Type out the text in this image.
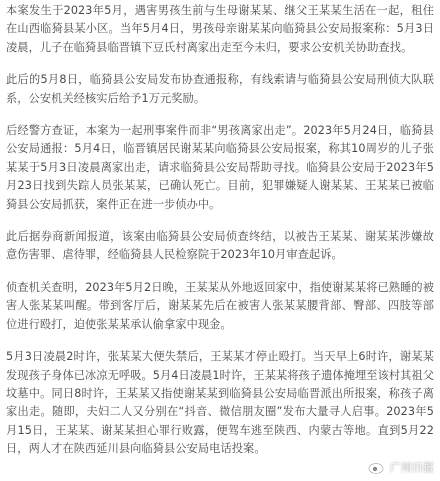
本案发生于2023年5月，遇害男孩生前与生母谢某某、继父王某某生活在一起，租住在山西临猗县某小区。当年5月4日，男孩母亲谢某某向临猗县公安局报案称：5月3日凌晨，儿子在临猗县临晋镇下豆氏村离家出走至今未归，要求公安机关协助查找。

此后的5月8日，临猗县公安局发布协查通报称，有线索请与临猗县公安局刑侦大队联系，公安机关经核实后给予1万元奖励。

后经警方查证，本案为一起刑事案件而非“男孩离家出走”。2023年5月24日，临猗县公安局通报：5月4日，临晋镇居民谢某某向临猗县公安局报案，称其10周岁的儿子张某某于5月3日凌晨离家出走，请求临猗县公安局帮助寻找。临猗县公安局于2023年5月23日找到失踪人员张某某，已确认死亡。目前，犯罪嫌疑人谢某某、王某某已被临猗县公安局抓获，案件正在进一步侦办中。

此后据券商新闻报道，该案由临猗县公安局侦查终结，以被告王某某、谢某某涉嫌故意伤害罪、虐待罪，经临猗县人民检察院于2023年10月审查起诉。

侦查机关查明，2023年5月2日晚，王某某从外地返回家中，指使谢某某将已熟睡的被害人张某某叫醒。带到客厅后，谢某某先后在被害人张某某腰背部、臀部、四肢等部位进行殴打，迫使张某某承认偷拿家中现金。

5月3日凌晨2时许，张某某大便失禁后，王某某才停止殴打。当天早上6时许，谢某某发现孩子身体已冰凉无呼吸。5月4日凌晨1时许，王某某将孩子遗体掩埋至该村其祖父坟墓中。同日8时许，王某某又指使谢某某到临猗县公安局临晋派出所报案，称孩子离家出走。随即，夫妇二人又分别在“抖音、微信朋友圈”发布大量寻人启事。2023年5月15日，王某某、谢某某担心罪行败露，便驾车逃至陕西、内蒙古等地。直到5月22日，两人才在陕西延川县向临猗县公安局电话投案。

广州日报
